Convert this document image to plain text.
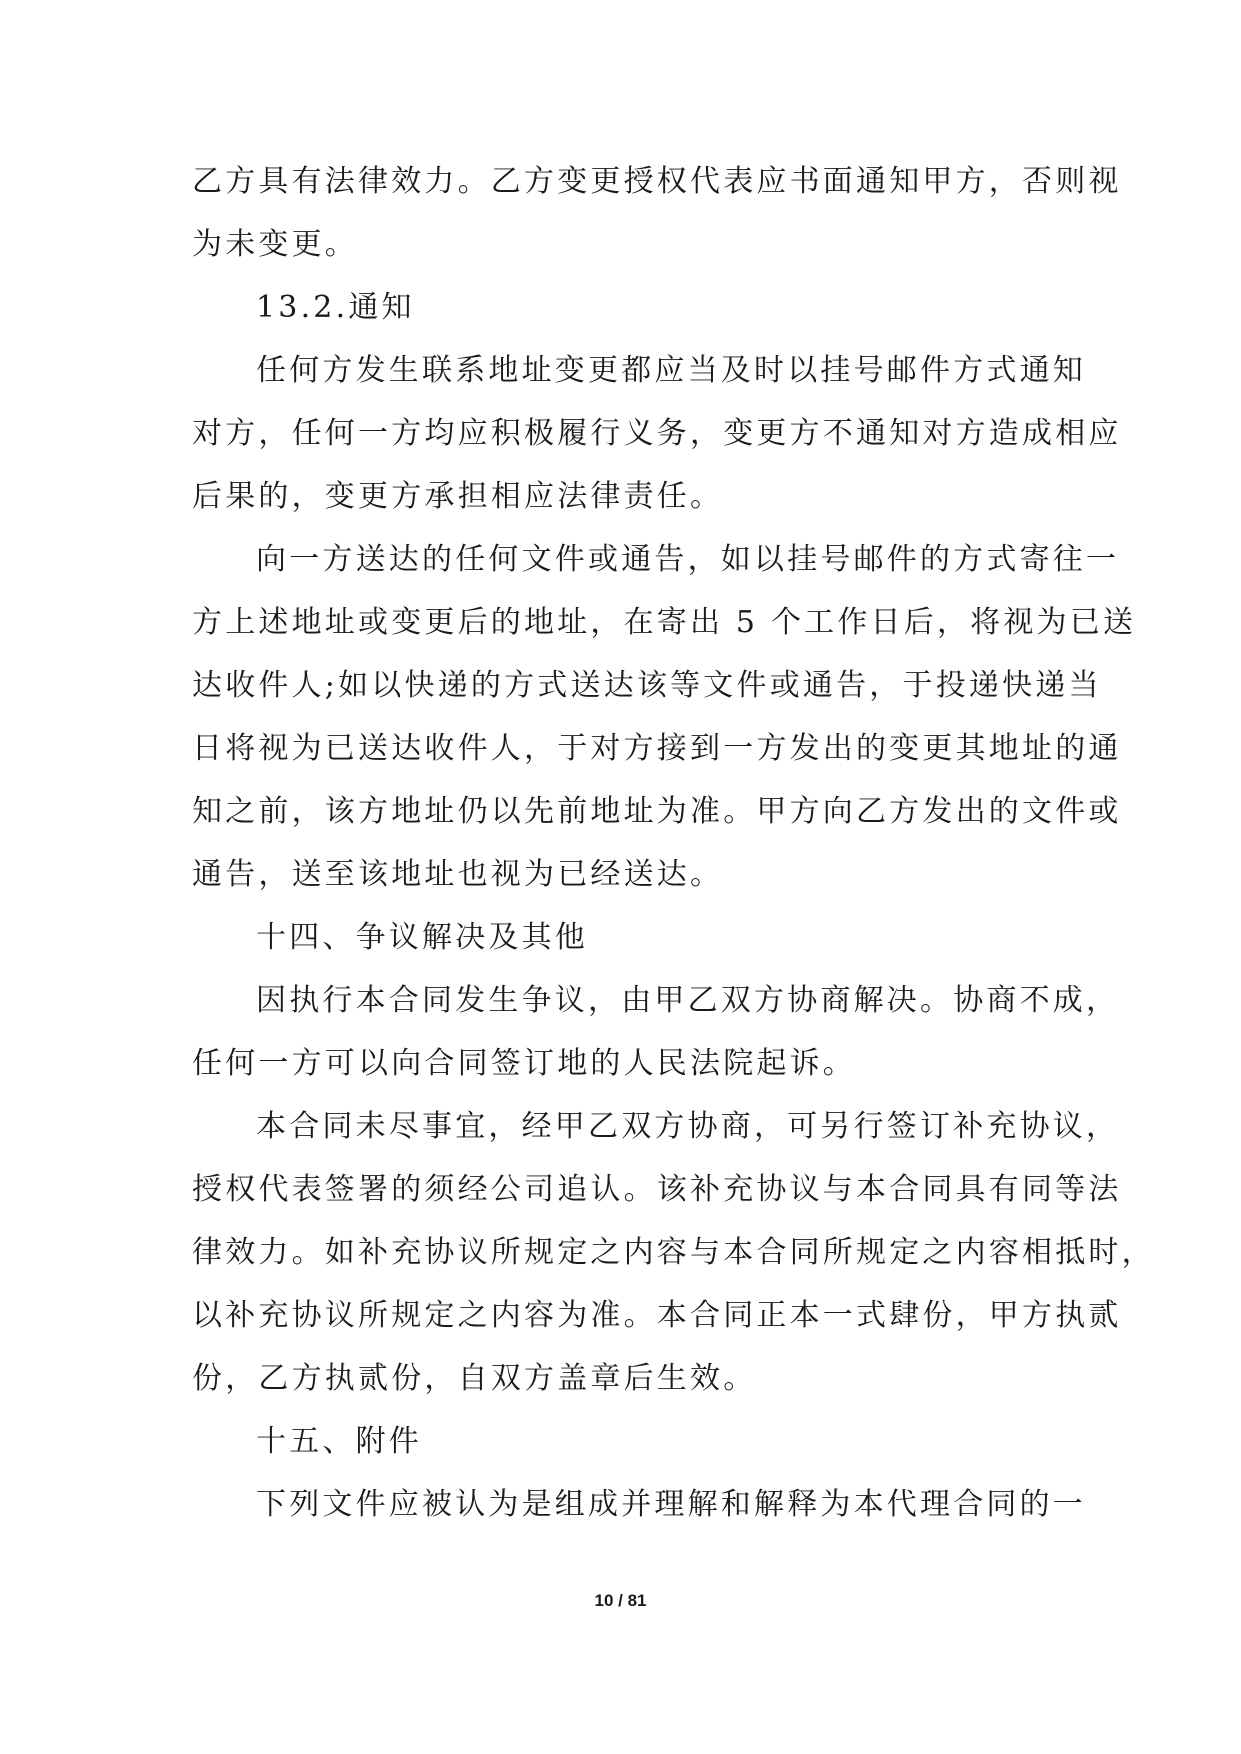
乙方具有法律效力。乙方变更授权代表应书面通知甲方，否则视
为未变更。

13.2.通知

任何方发生联系地址变更都应当及时以挂号邮件方式通知
对方，任何一方均应积极履行义务，变更方不通知对方造成相应
后果的，变更方承担相应法律责任。

向一方送达的任何文件或通告，如以挂号邮件的方式寄往一
方上述地址或变更后的地址，在寄出 5 个工作日后，将视为已送
达收件人;如以快递的方式送达该等文件或通告，于投递快递当
日将视为已送达收件人，于对方接到一方发出的变更其地址的通
知之前，该方地址仍以先前地址为准。甲方向乙方发出的文件或
通告，送至该地址也视为已经送达。

十四、争议解决及其他

因执行本合同发生争议，由甲乙双方协商解决。协商不成，
任何一方可以向合同签订地的人民法院起诉。

本合同未尽事宜，经甲乙双方协商，可另行签订补充协议，
授权代表签署的须经公司追认。该补充协议与本合同具有同等法
律效力。如补充协议所规定之内容与本合同所规定之内容相抵时，
以补充协议所规定之内容为准。本合同正本一式肆份，甲方执贰
份，乙方执贰份，自双方盖章后生效。

十五、附件

下列文件应被认为是组成并理解和解释为本代理合同的一

10 / 81
